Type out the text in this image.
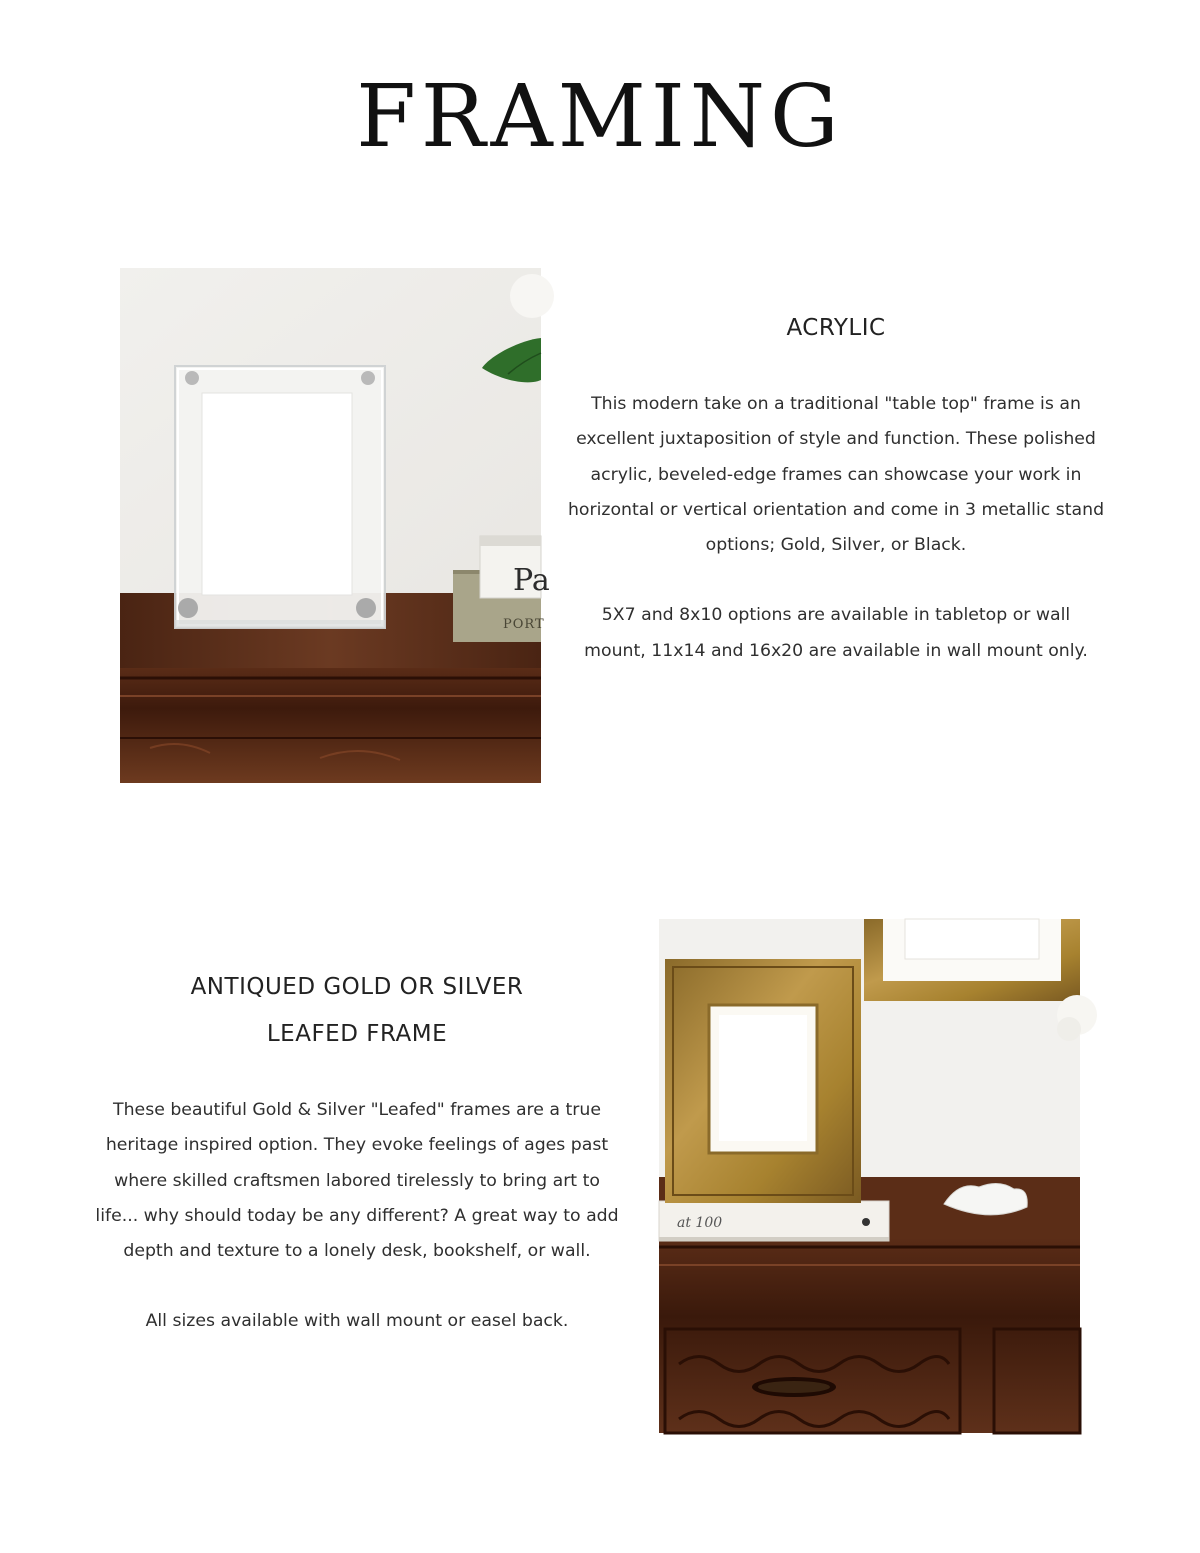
FRAMING
PORT
Pa

ACRYLIC

This modern take on a traditional "table top" frame is an excellent juxtaposition of style and function. These polished acrylic, beveled-edge frames can showcase your work in horizontal or vertical orientation and come in 3 metallic stand options; Gold, Silver, or Black.

5X7 and 8x10 options are available in tabletop or wall mount, 11x14 and 16x20 are available in wall mount only.

ANTIQUED GOLD OR SILVER

LEAFED FRAME

These beautiful Gold & Silver "Leafed" frames are a true heritage inspired option. They evoke feelings of ages past where skilled craftsmen labored tirelessly to bring art to life... why should today be any different? A great way to add depth and texture to a lonely desk, bookshelf, or wall.

All sizes available with wall mount or easel back.

at 100
